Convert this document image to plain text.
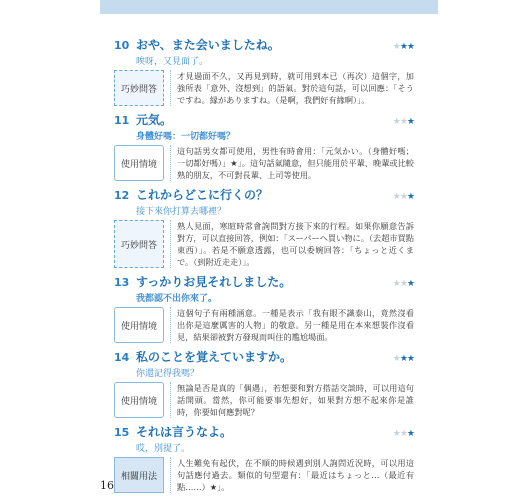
10 おや、また会いましたね。	★★★
唉呀，又見面了。
巧妙問答
才見過面不久，又再見到時，就可用到本已（再次）這個字，加強所表「意外、沒想到」的語氣。對於這句話，可以回應：「そうですね。縁がありますね。（是啊，我們好有緣啊）」。
11 元気。	★★★
身體好嗎：一切都好嗎？
使用情境
這句話男女都可使用，男性有時會用：「元気かい。（身體好嗎；一切都好嗎）」★」。這句話氣隨意，但只能用於平輩、晚輩或比較熟的朋友，不可對長輩、上司等使用。
12 これからどこに行くの？	★★★
接下來你打算去哪裡？
巧妙問答
熟人見面，寒暄時常會詢問對方接下來的行程。如果你願意告訴對方，可以直接回答，例如：「スーパーへ買い物に。（去超市買點東西）」。若是不願意透露，也可以委婉回答：「ちょっと近くまで。（到附近走走）」。
13 すっかりお見それしました。	★★★
我都認不出你來了。
使用情境
這個句子有兩種涵意。一種是表示「我有眼不識泰山，竟然沒看出你是這麼厲害的人物」的敬意。另一種是用在本來想裝作沒看見，結果卻被對方發現而叫住的尷尬場面。
14 私のことを覚えていますか。	★★★
你還記得我嗎？
使用情境
無論是否是真的「偶遇」，若想要和對方搭話交談時，可以用這句話開頭。當然，你可能要事先想好，如果對方想不起來你是誰時，你要如何應對呢？
15 それは言うなよ。	★★★
哎，別提了。
相關用法
人生難免有起伏，在不順的時候遇到別人詢問近況時，可以用這句話應付過去。類似的句型還有：「最近はちょっと…（最近有點……）★」。
16
